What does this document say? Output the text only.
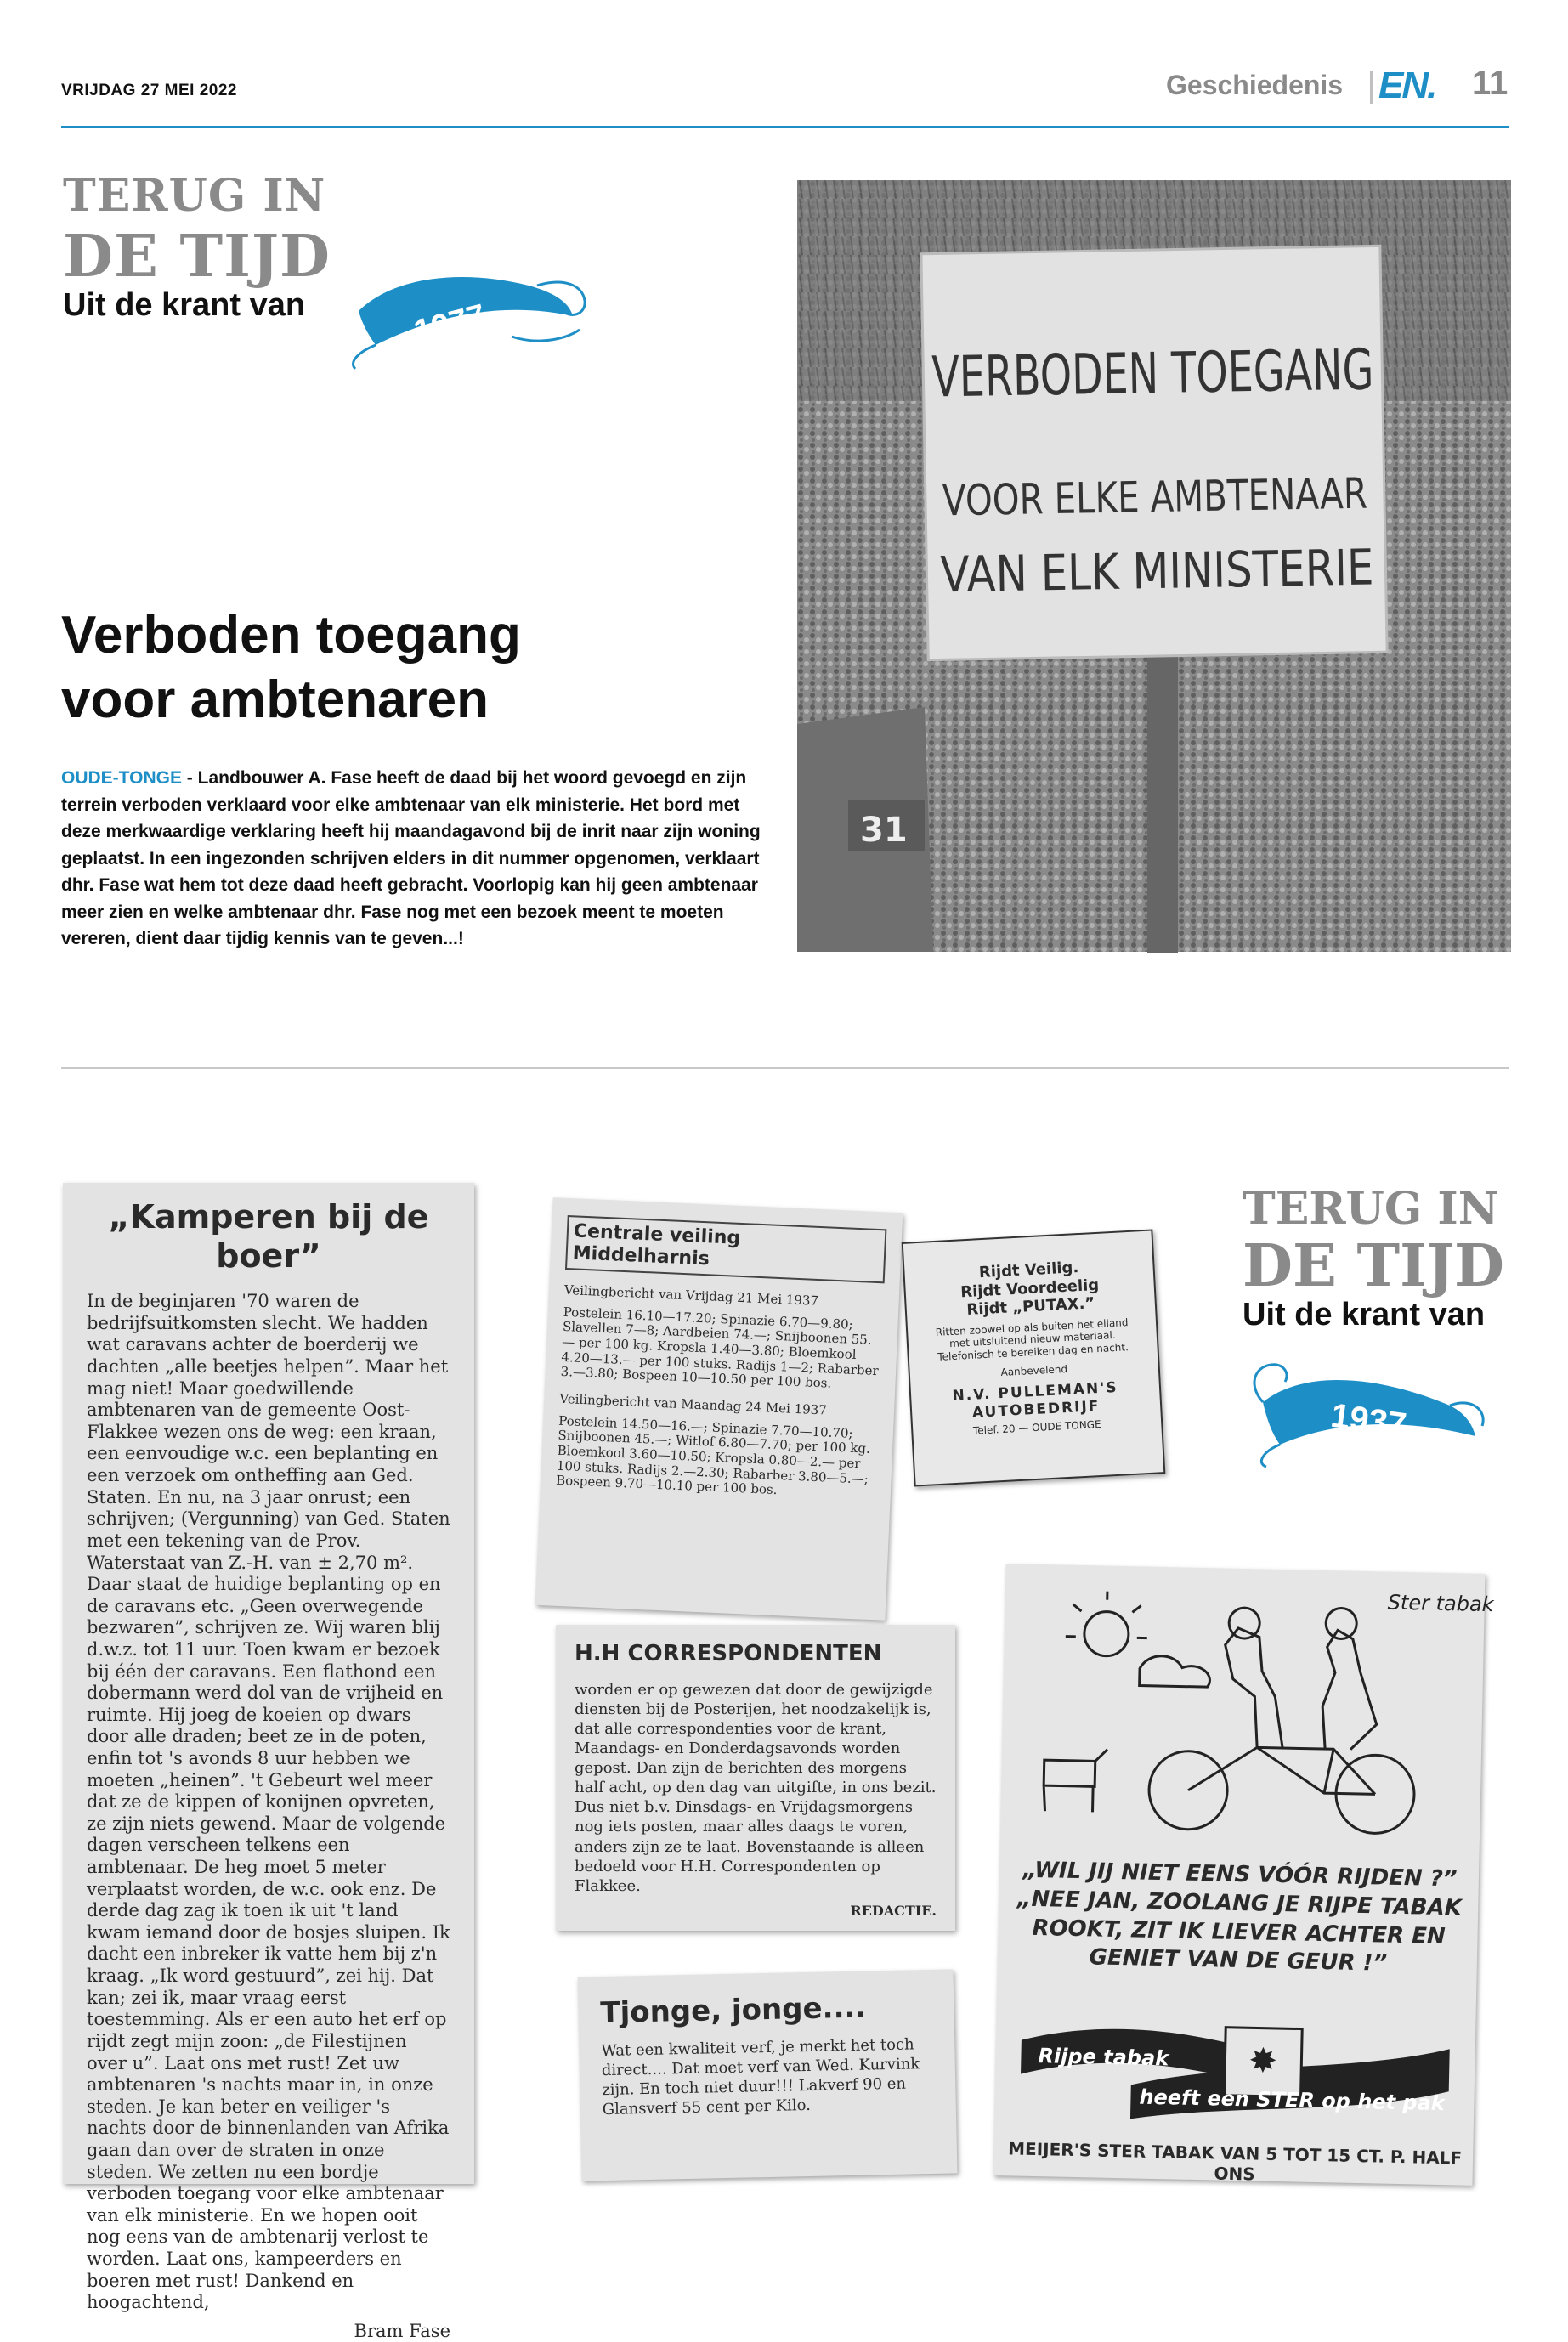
VRIJDAG 27 MEI 2022	Geschiedenis EN. 11
TERUG IN
DE TIJD
Uit de krant van	1977
Verboden toegang
voor ambtenaren
OUDE-TONGE - Landbouwer A. Fase heeft de daad bij het woord gevoegd en zijn terrein verboden verklaard voor elke ambtenaar van elk ministerie. Het bord met deze merkwaardige verklaring heeft hij maandagavond bij de inrit naar zijn woning geplaatst. In een ingezonden schrijven elders in dit nummer opgenomen, verklaart dhr. Fase wat hem tot deze daad heeft gebracht. Voorlopig kan hij geen ambtenaar meer zien en welke ambtenaar dhr. Fase nog met een bezoek meent te moeten vereren, dient daar tijdig kennis van te geven...!
VERBODEN TOEGANG
VOOR ELKE AMBTENAAR
VAN ELK MINISTERIE
31
TERUG IN
DE TIJD
Uit de krant van
1937
„Kamperen bij de boer”

In de beginjaren '70 waren de bedrijfsuitkomsten slecht. We hadden wat caravans achter de boerderij we dachten „alle beetjes helpen”. Maar het mag niet! Maar goedwillende ambtenaren van de gemeente Oost-Flakkee wezen ons de weg: een kraan, een eenvoudige w.c. een beplanting en een verzoek om ontheffing aan Ged. Staten. En nu, na 3 jaar onrust; een schrijven; (Vergunning) van Ged. Staten met een tekening van de Prov. Waterstaat van Z.-H. van ± 2,70 m². Daar staat de huidige beplanting op en de caravans etc. „Geen overwegende bezwaren”, schrijven ze. Wij waren blij d.w.z. tot 11 uur. Toen kwam er bezoek bij één der caravans. Een flathond een dobermann werd dol van de vrijheid en ruimte. Hij joeg de koeien op dwars door alle draden; beet ze in de poten, enfin tot 's avonds 8 uur hebben we moeten „heinen”. 't Gebeurt wel meer dat ze de kippen of konijnen opvreten, ze zijn niets gewend. Maar de volgende dagen verscheen telkens een ambtenaar. De heg moet 5 meter verplaatst worden, de w.c. ook enz. De derde dag zag ik toen ik uit 't land kwam iemand door de bosjes sluipen. Ik dacht een inbreker ik vatte hem bij z'n kraag. „Ik word gestuurd”, zei hij. Dat kan; zei ik, maar vraag eerst toestemming. Als er een auto het erf op rijdt zegt mijn zoon: „de Filestijnen over u”. Laat ons met rust! Zet uw ambtenaren 's nachts maar in, in onze steden. Je kan beter en veiliger 's nachts door de binnenlanden van Afrika gaan dan over de straten in onze steden. We zetten nu een bordje verboden toegang voor elke ambtenaar van elk ministerie. En we hopen ooit nog eens van de ambtenarij verlost te worden. Laat ons, kampeerders en boeren met rust! Dankend en hoogachtend,

Bram Fase

Centrale veiling Middelharnis

Veilingbericht van Vrijdag 21 Mei 1937

Postelein 16.10—17.20; Spinazie 6.70—9.80; Slavellen 7—8; Aardbeien 74.—; Snijboonen 55.— per 100 kg. Kropsla 1.40—3.80; Bloemkool 4.20—13.— per 100 stuks. Radijs 1—2; Rabarber 3.—3.80; Bospeen 10—10.50 per 100 bos.

Veilingbericht van Maandag 24 Mei 1937

Postelein 14.50—16.—; Spinazie 7.70—10.70; Snijboonen 45.—; Witlof 6.80—7.70; per 100 kg. Bloemkool 3.60—10.50; Kropsla 0.80—2.— per 100 stuks. Radijs 2.—2.30; Rabarber 3.80—5.—; Bospeen 9.70—10.10 per 100 bos.

Rijdt Veilig.
Rijdt Voordeelig
Rijdt „PUTAX.”
Ritten zoowel op als buiten het eiland met uitsluitend nieuw materiaal. Telefonisch te bereiken dag en nacht.
Aanbevelend
N.V. PULLEMAN'S AUTOBEDRIJF
Telef. 20 — OUDE TONGE
H.H CORRESPONDENTEN

worden er op gewezen dat door de gewijzigde diensten bij de Posterijen, het noodzakelijk is, dat alle correspondenties voor de krant, Maandags- en Donderdagsavonds worden gepost. Dan zijn de berichten des morgens half acht, op den dag van uitgifte, in ons bezit. Dus niet b.v. Dinsdags- en Vrijdagsmorgens nog iets posten, maar alles daags te voren, anders zijn ze te laat. Bovenstaande is alleen bedoeld voor H.H. Correspondenten op Flakkee.

REDACTIE.

Tjonge, jonge....

Wat een kwaliteit verf, je merkt het toch direct.... Dat moet verf van Wed. Kurvink zijn. En toch niet duur!!! Lakverf 90 en Glansverf 55 cent per Kilo.

Ster tabak
„WIL JIJ NIET EENS VÓÓR RIJDEN ?”
„NEE JAN, ZOOLANG JE RIJPE TABAK ROOKT, ZIT IK LIEVER ACHTER EN GENIET VAN DE GEUR !”
✸
Rijpe tabak
heeft een STER op het pak
MEIJER'S STER TABAK VAN 5 TOT 15 CT. P. HALF ONS
